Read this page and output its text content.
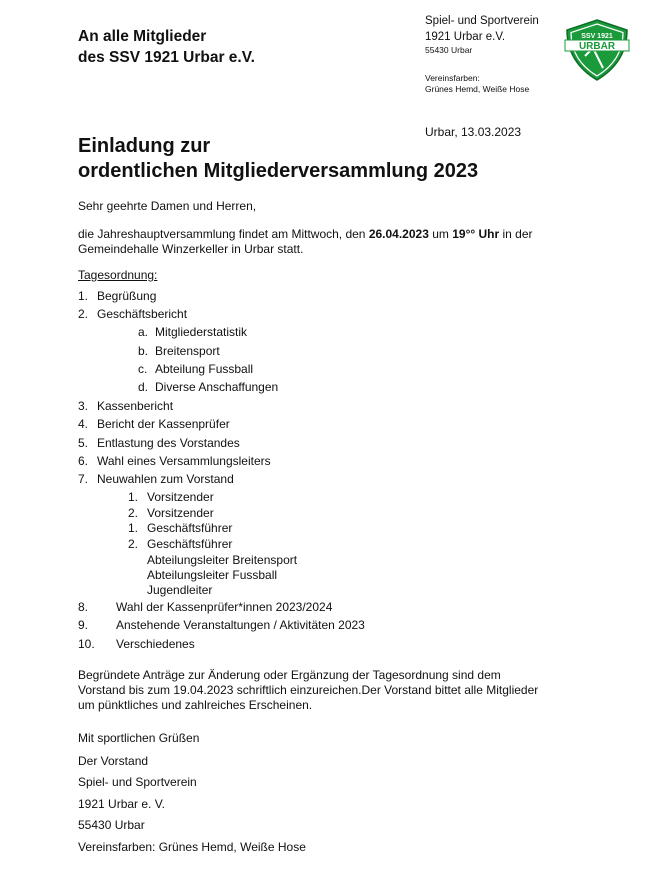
An alle Mitglieder
des SSV 1921 Urbar e.V.
Spiel- und Sportverein
1921 Urbar e.V.
55430 Urbar
Vereinsfarben:
Grünes Hemd, Weiße Hose
SSV 1921
URBAR
Urbar, 13.03.2023
Einladung zur
ordentlichen Mitgliederversammlung 2023
Sehr geehrte Damen und Herren,
die Jahreshauptversammlung findet am Mittwoch, den 26.04.2023 um 19°° Uhr in der Gemeindehalle Winzerkeller in Urbar statt.
Tagesordnung:
1. Begrüßung
2. Geschäftsbericht
a. Mitgliederstatistik
b. Breitensport
c. Abteilung Fussball
d. Diverse Anschaffungen
3. Kassenbericht
4. Bericht der Kassenprüfer
5. Entlastung des Vorstandes
6. Wahl eines Versammlungsleiters
7. Neuwahlen zum Vorstand
1. Vorsitzender
2. Vorsitzender
1. Geschäftsführer
2. Geschäftsführer
Abteilungsleiter Breitensport
Abteilungsleiter Fussball
Jugendleiter
8. Wahl der Kassenprüfer*innen 2023/2024
9. Anstehende Veranstaltungen / Aktivitäten 2023
10. Verschiedenes
Begründete Anträge zur Änderung oder Ergänzung der Tagesordnung sind dem Vorstand bis zum 19.04.2023 schriftlich einzureichen.Der Vorstand bittet alle Mitglieder um pünktliches und zahlreiches Erscheinen.
Mit sportlichen Grüßen
Der Vorstand
Spiel- und Sportverein
1921 Urbar e. V.
55430 Urbar
Vereinsfarben: Grünes Hemd, Weiße Hose
